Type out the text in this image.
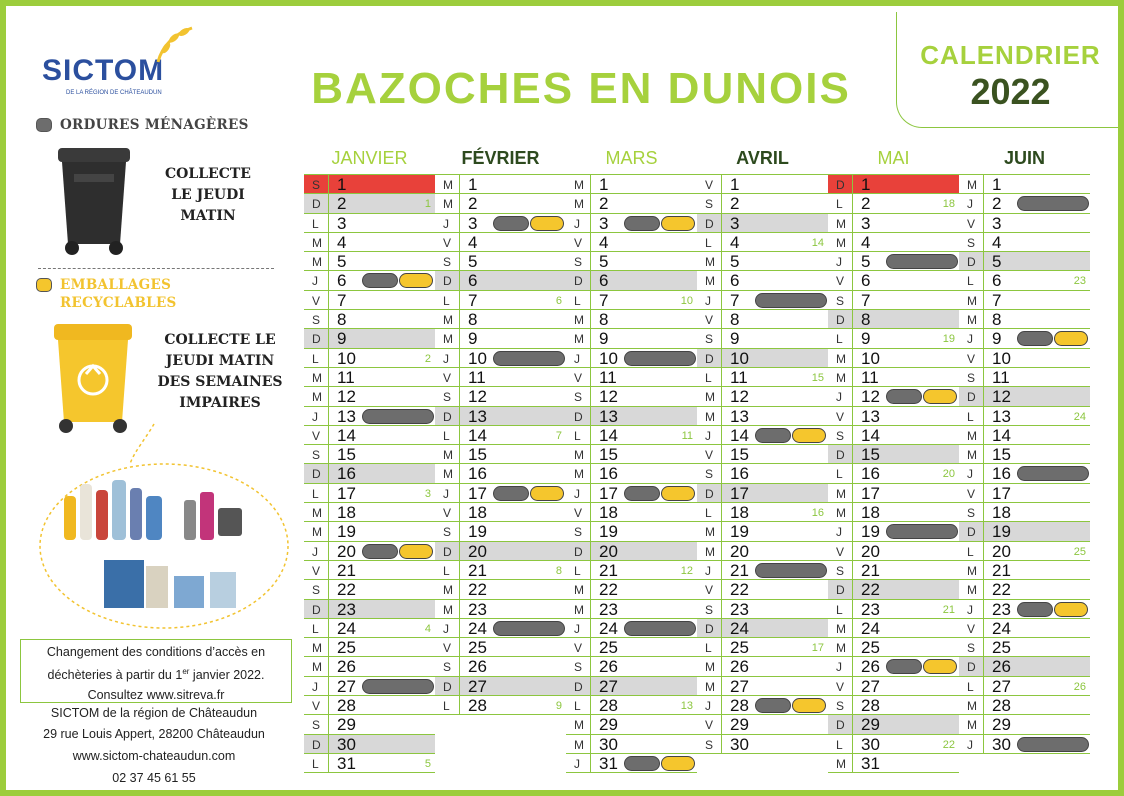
SICTOM
DE LA RÉGION DE CHÂTEAUDUN
ORDURES MÉNAGÈRES
COLLECTE
LE JEUDI
MATIN
EMBALLAGES
RECYCLABLES
COLLECTE LE
JEUDI MATIN
DES SEMAINES
IMPAIRES
Changement des conditions d’accès en
déchèteries à partir du 1er janvier 2022.
Consultez www.sitreva.fr
SICTOM de la région de Châteaudun
29 rue Louis Appert, 28200 Châteaudun
www.sictom-chateaudun.com
02 37 45 61 55
BAZOCHES EN DUNOIS
CALENDRIER
2022
JANVIER
S 1
D 2	1
L 3
M 4
M 5
J 6
V 7
S 8
D 9
L 10	2
M 11
M 12
J 13
V 14
S 15
D 16
L 17	3
M 18
M 19
J 20
V 21
S 22
D 23
L 24	4
M 25
M 26
J 27
V 28
S 29
D 30
L 31	5
FÉVRIER
M 1
M 2
J 3
V 4
S 5
D 6
L 7	6
M 8
M 9
J 10
V 11
S 12
D 13
L 14	7
M 15
M 16
J 17
V 18
S 19
D 20
L 21	8
M 22
M 23
J 24
V 25
S 26
D 27
L 28	9
MARS
M 1
M 2
J 3
V 4
S 5
D 6
L 7	10
M 8
M 9
J 10
V 11
S 12
D 13
L 14	11
M 15
M 16
J 17
V 18
S 19
D 20
L 21	12
M 22
M 23
J 24
V 25
S 26
D 27
L 28	13
M 29
M 30
J 31
AVRIL
V 1
S 2
D 3
L 4	14
M 5
M 6
J 7
V 8
S 9
D 10
L 11	15
M 12
M 13
J 14
V 15
S 16
D 17
L 18	16
M 19
M 20
J 21
V 22
S 23
D 24
L 25	17
M 26
M 27
J 28
V 29
S 30
MAI
D 1
L 2	18
M 3
M 4
J 5
V 6
S 7
D 8
L 9	19
M 10
M 11
J 12
V 13
S 14
D 15
L 16	20
M 17
M 18
J 19
V 20
S 21
D 22
L 23	21
M 24
M 25
J 26
V 27
S 28
D 29
L 30	22
M 31
JUIN
M 1
J 2
V 3
S 4
D 5
L 6	23
M 7
M 8
J 9
V 10
S 11
D 12
L 13	24
M 14
M 15
J 16
V 17
S 18
D 19
L 20	25
M 21
M 22
J 23
V 24
S 25
D 26
L 27	26
M 28
M 29
J 30
